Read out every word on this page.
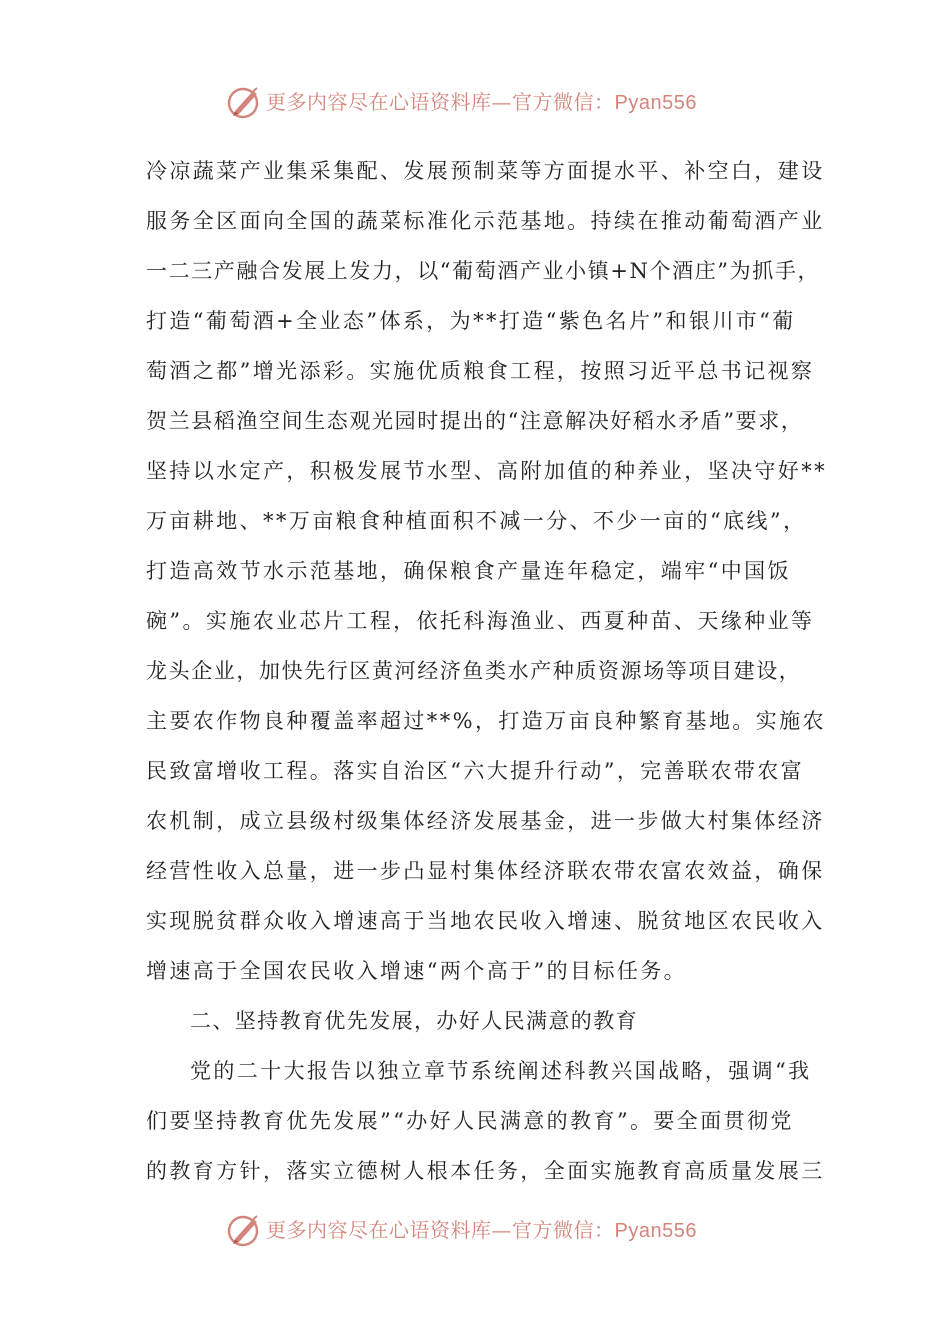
更多内容尽在心语资料库—官方微信：Pyan556
冷凉蔬菜产业集采集配、发展预制菜等方面提水平、补空白，建设
服务全区面向全国的蔬菜标准化示范基地。持续在推动葡萄酒产业
一二三产融合发展上发力，以“葡萄酒产业小镇+N个酒庄”为抓手，
打造“葡萄酒+全业态”体系，为**打造“紫色名片”和银川市“葡
萄酒之都”增光添彩。实施优质粮食工程，按照习近平总书记视察
贺兰县稻渔空间生态观光园时提出的“注意解决好稻水矛盾”要求，
坚持以水定产，积极发展节水型、高附加值的种养业，坚决守好**
万亩耕地、**万亩粮食种植面积不减一分、不少一亩的“底线”，
打造高效节水示范基地，确保粮食产量连年稳定，端牢“中国饭
碗”。实施农业芯片工程，依托科海渔业、西夏种苗、天缘种业等
龙头企业，加快先行区黄河经济鱼类水产种质资源场等项目建设，
主要农作物良种覆盖率超过**%，打造万亩良种繁育基地。实施农
民致富增收工程。落实自治区“六大提升行动”，完善联农带农富
农机制，成立县级村级集体经济发展基金，进一步做大村集体经济
经营性收入总量，进一步凸显村集体经济联农带农富农效益，确保
实现脱贫群众收入增速高于当地农民收入增速、脱贫地区农民收入
增速高于全国农民收入增速“两个高于”的目标任务。
二、坚持教育优先发展，办好人民满意的教育
党的二十大报告以独立章节系统阐述科教兴国战略，强调“我
们要坚持教育优先发展”“办好人民满意的教育”。要全面贯彻党
的教育方针，落实立德树人根本任务，全面实施教育高质量发展三
更多内容尽在心语资料库—官方微信：Pyan556
